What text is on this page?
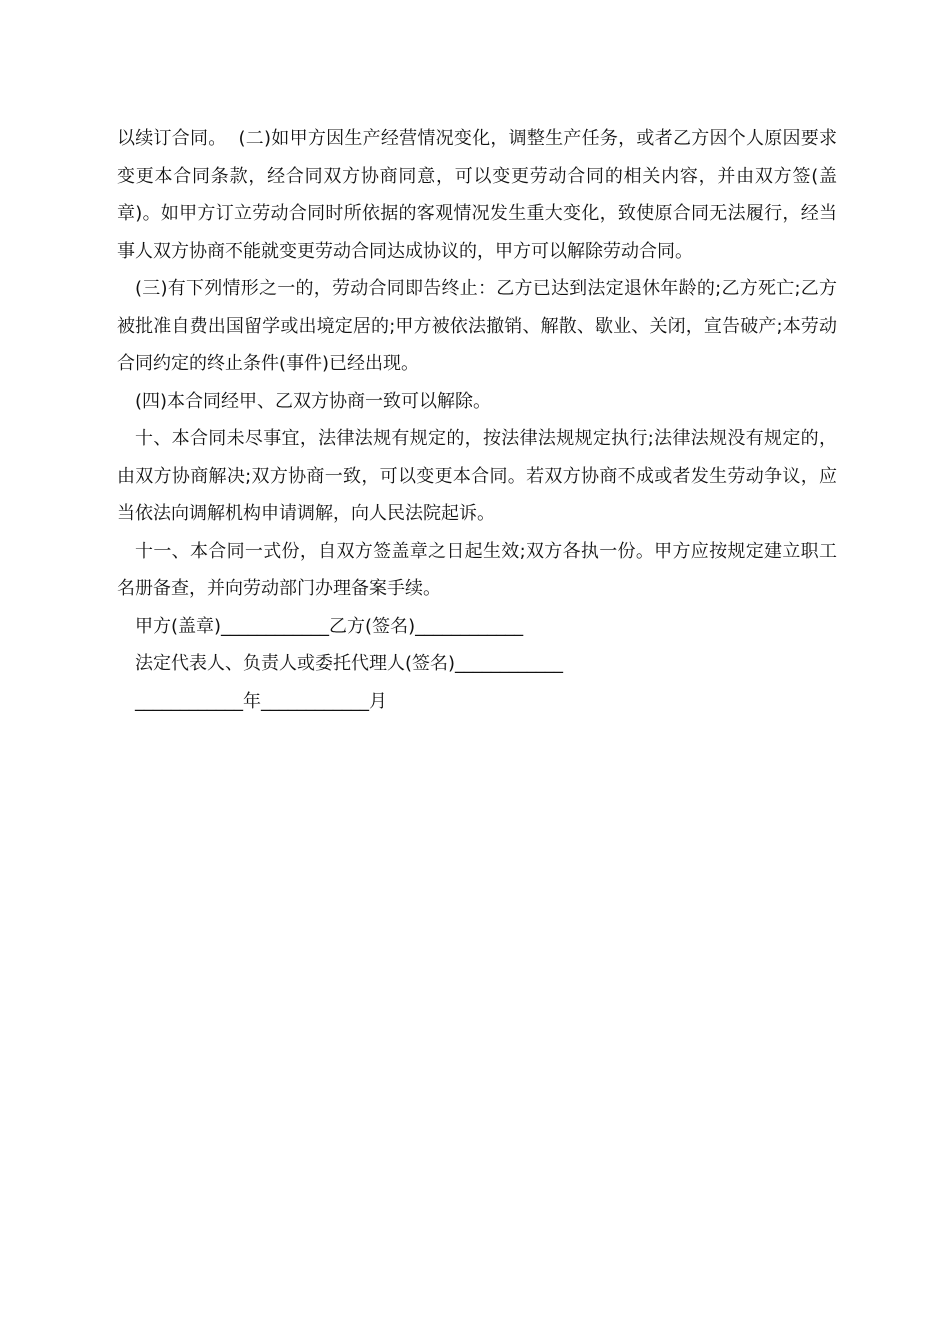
以续订合同。  (二)如甲方因生产经营情况变化，调整生产任务，或者乙方因个人原因要求变更本合同条款，经合同双方协商同意，可以变更劳动合同的相关内容，并由双方签(盖章)。如甲方订立劳动合同时所依据的客观情况发生重大变化，致使原合同无法履行，经当事人双方协商不能就变更劳动合同达成协议的，甲方可以解除劳动合同。

(三)有下列情形之一的，劳动合同即告终止：乙方已达到法定退休年龄的;乙方死亡;乙方被批准自费出国留学或出境定居的;甲方被依法撤销、解散、歇业、关闭，宣告破产;本劳动合同约定的终止条件(事件)已经出现。

(四)本合同经甲、乙双方协商一致可以解除。

十、本合同未尽事宜，法律法规有规定的，按法律法规规定执行;法律法规没有规定的，由双方协商解决;双方协商一致，可以变更本合同。若双方协商不成或者发生劳动争议，应当依法向调解机构申请调解，向人民法院起诉。

十一、本合同一式份，自双方签盖章之日起生效;双方各执一份。甲方应按规定建立职工名册备查，并向劳动部门办理备案手续。

甲方(盖章)____________乙方(签名)____________

法定代表人、负责人或委托代理人(签名)____________

____________年____________月
